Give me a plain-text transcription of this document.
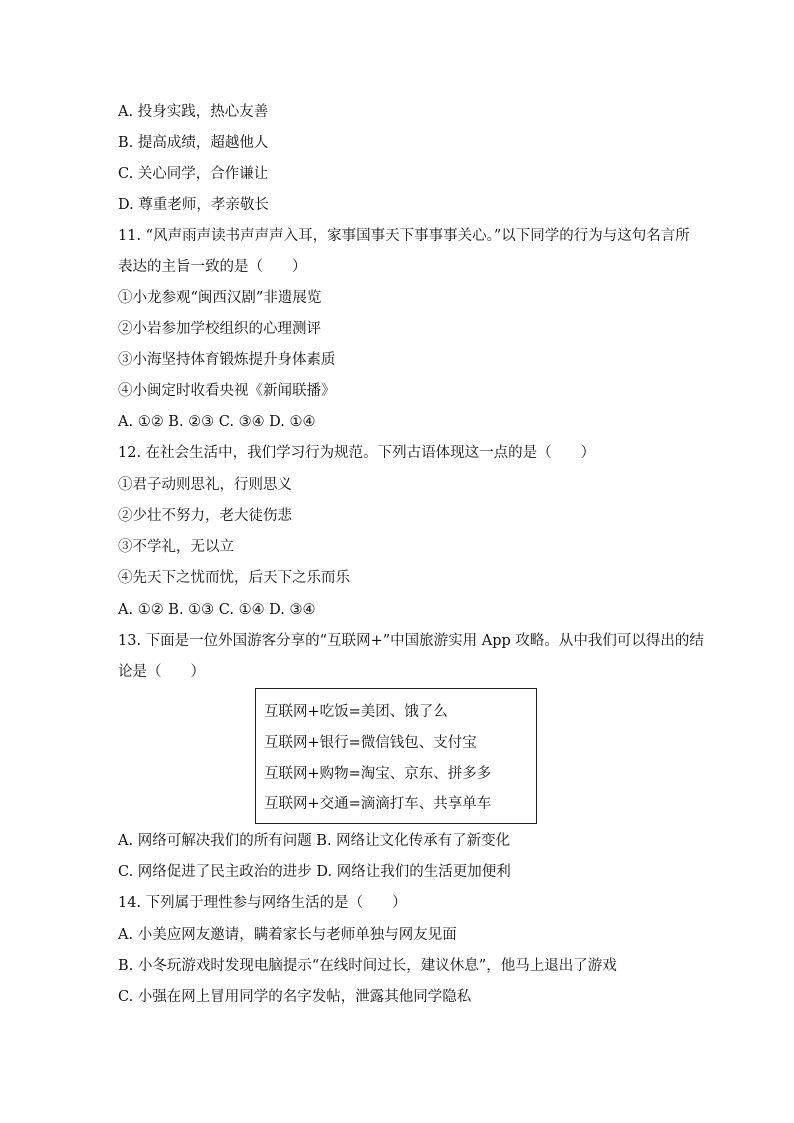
A. 投身实践，热心友善
B. 提高成绩，超越他人
C. 关心同学，合作谦让
D. 尊重老师，孝亲敬长
11. “风声雨声读书声声声入耳，家事国事天下事事事关心。”以下同学的行为与这句名言所
表达的主旨一致的是（　　）
①小龙参观“闽西汉剧”非遗展览
②小岩参加学校组织的心理测评
③小海坚持体育锻炼提升身体素质
④小闽定时收看央视《新闻联播》
A. ①② B. ②③ C. ③④ D. ①④
12. 在社会生活中，我们学习行为规范。下列古语体现这一点的是（　　）
①君子动则思礼，行则思义
②少壮不努力，老大徒伤悲
③不学礼，无以立
④先天下之忧而忧，后天下之乐而乐
A. ①② B. ①③ C. ①④ D. ③④
13. 下面是一位外国游客分享的“互联网+”中国旅游实用 App 攻略。从中我们可以得出的结
论是（　　）
互联网+吃饭=美团、饿了么
互联网+银行=微信钱包、支付宝
互联网+购物=淘宝、京东、拼多多
互联网+交通=滴滴打车、共享单车
A. 网络可解决我们的所有问题 B. 网络让文化传承有了新变化
C. 网络促进了民主政治的进步 D. 网络让我们的生活更加便利
14. 下列属于理性参与网络生活的是（　　）
A. 小美应网友邀请，瞒着家长与老师单独与网友见面
B. 小冬玩游戏时发现电脑提示“在线时间过长，建议休息”，他马上退出了游戏
C. 小强在网上冒用同学的名字发帖，泄露其他同学隐私
